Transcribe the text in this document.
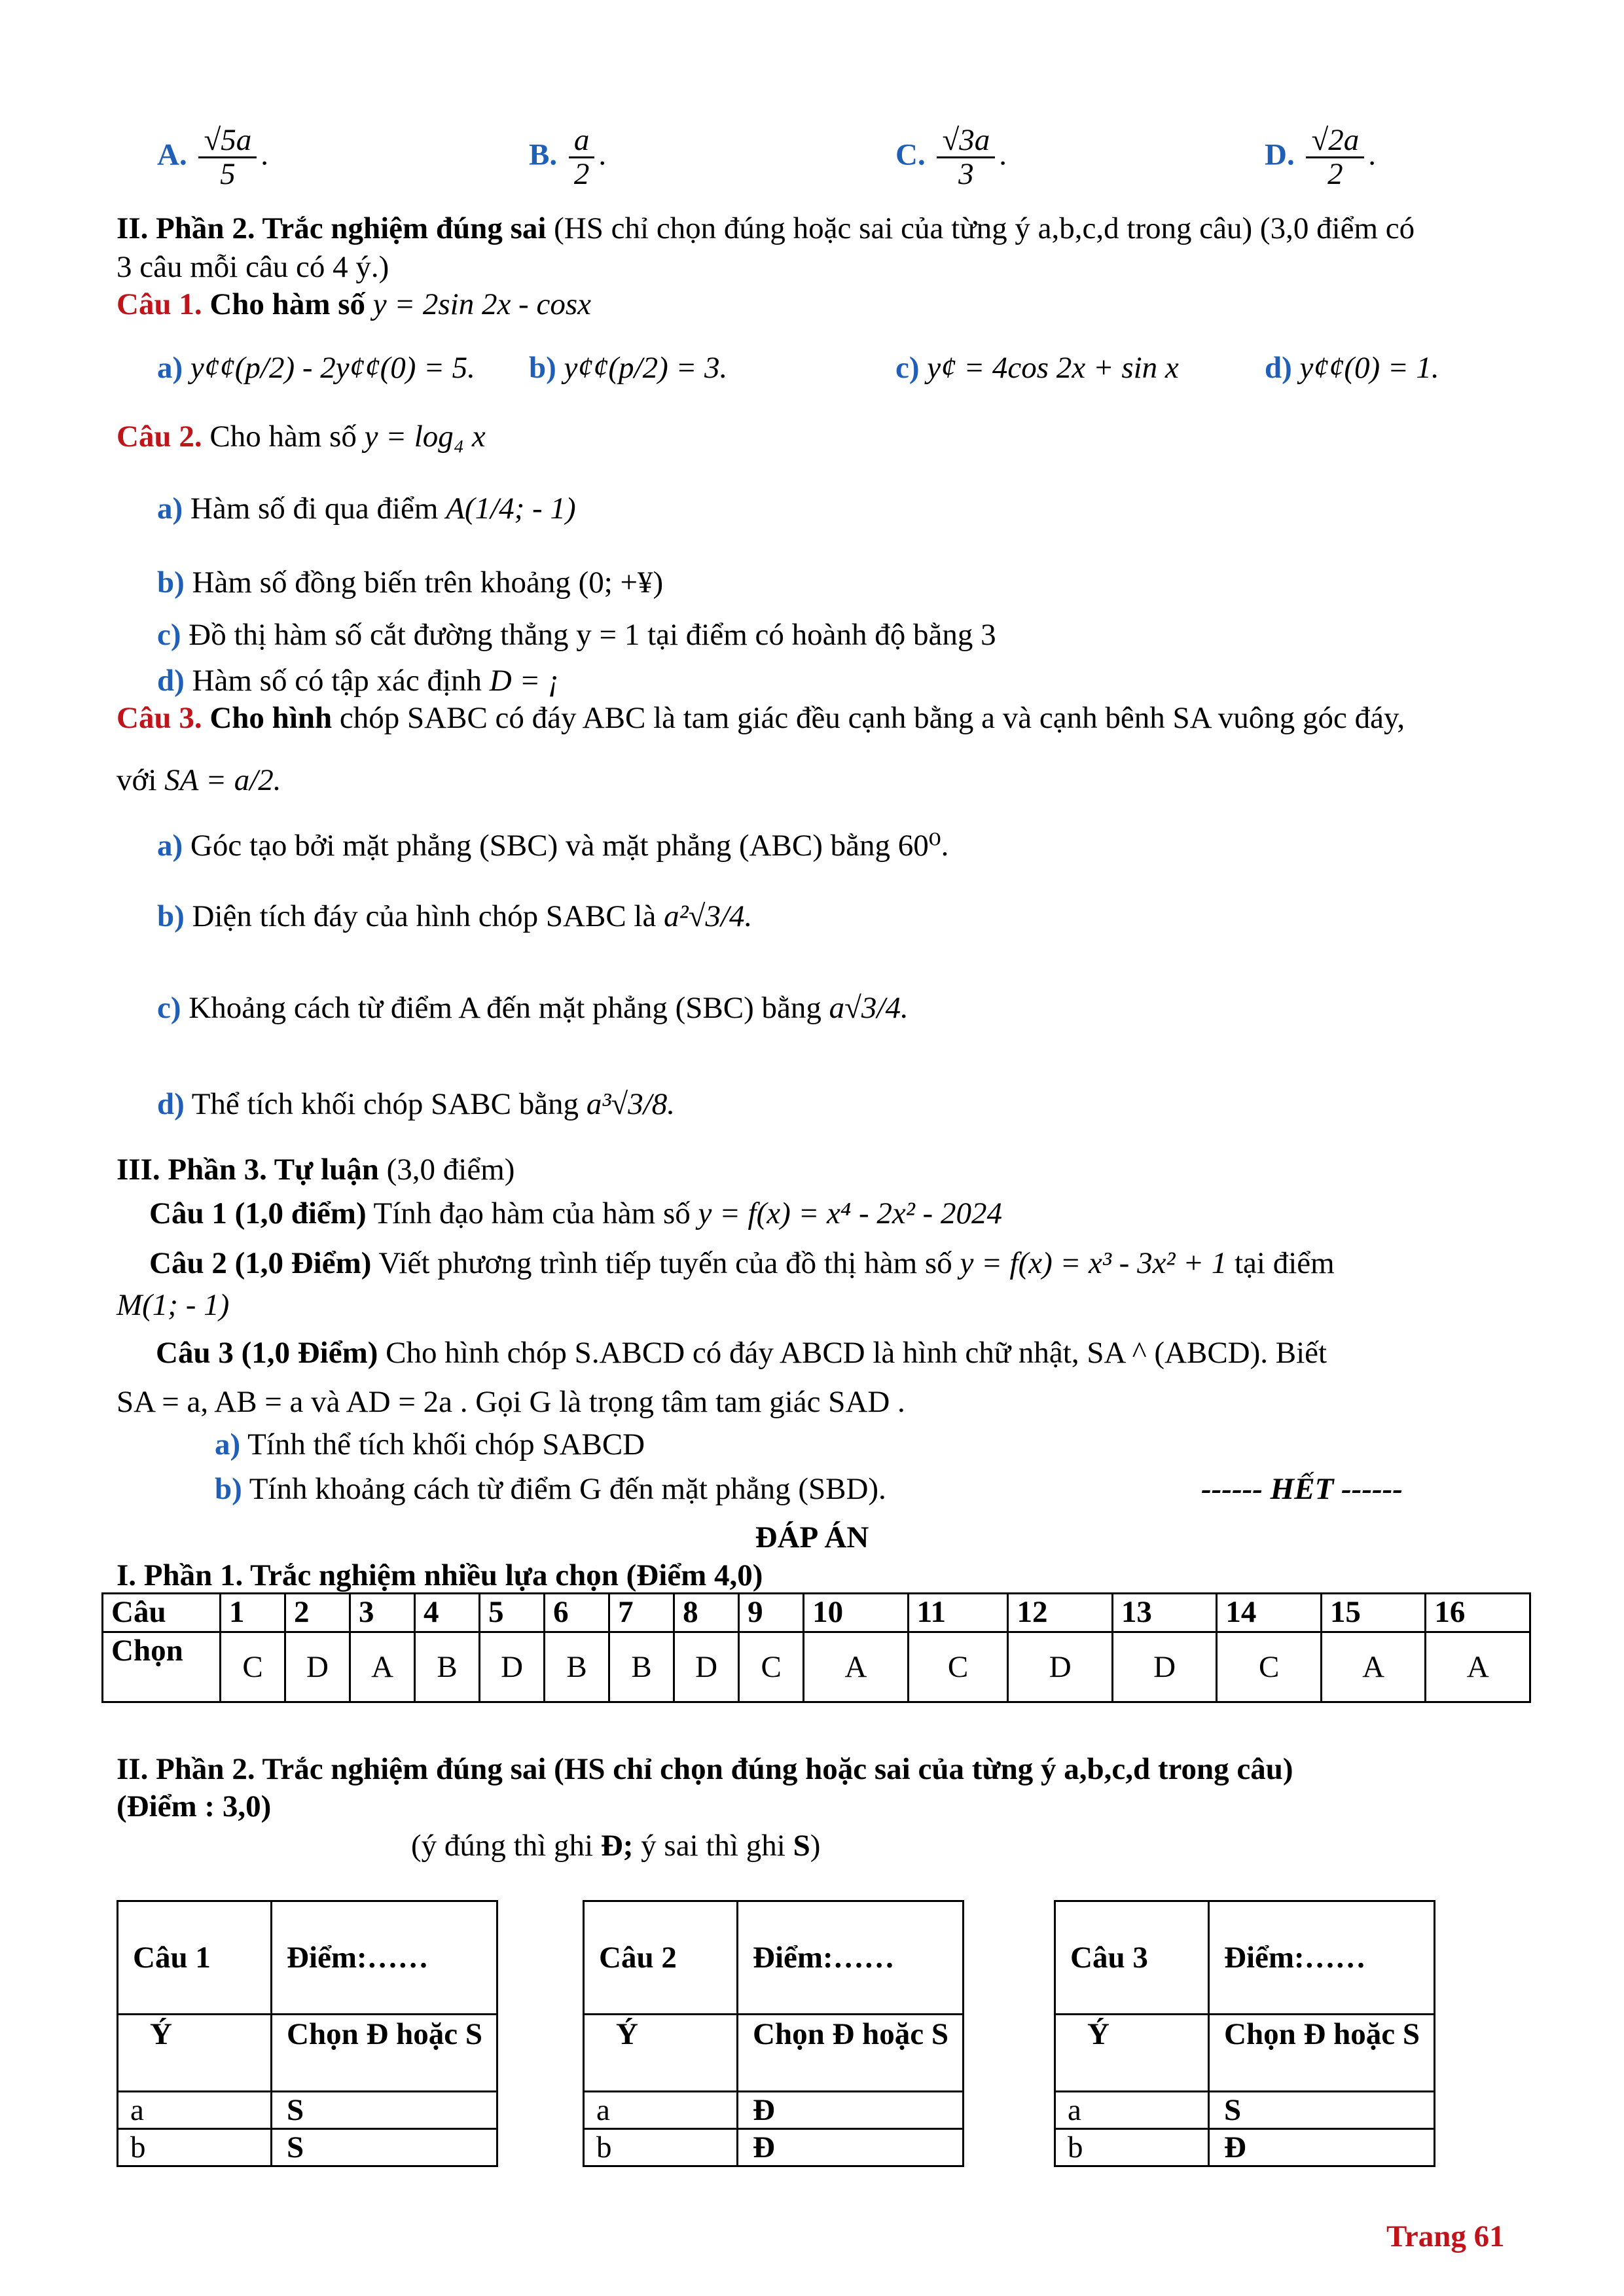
A. $\frac{√5a}{5}$ .	B. $\frac{a}{2}$ .	C. $\frac{√3a}{3}$ .	D. $\frac{√2a}{2}$ .
II. Phần 2. Trắc nghiệm đúng sai (HS chỉ chọn đúng hoặc sai của từng ý a,b,c,d trong câu) (3,0 điểm có
3 câu mỗi câu có 4 ý.)
Câu 1. Cho hàm số y = 2sin 2x - cosx
a) y¢¢(p/2) - 2y¢¢(0) = 5. b) y¢¢(p/2) = 3.	c) y¢ = 4cos 2x + sin x	d) y¢¢(0) = 1.
Câu 2. Cho hàm số y = log₄ x
a) Hàm số đi qua điểm A(1/4; - 1)
b) Hàm số đồng biến trên khoảng (0; +¥)
c) Đồ thị hàm số cắt đường thẳng y = 1 tại điểm có hoành độ bằng 3
d) Hàm số có tập xác định D = ¡
Câu 3. Cho hình chóp SABC có đáy ABC là tam giác đều cạnh bằng a và cạnh bênh SA vuông góc đáy,
với SA = a/2.
a) Góc tạo bởi mặt phẳng (SBC) và mặt phẳng (ABC) bằng 60⁰.
b) Diện tích đáy của hình chóp SABC là a²√3/4.
c) Khoảng cách từ điểm A đến mặt phẳng (SBC) bằng a√3/4.
d) Thể tích khối chóp SABC bằng a³√3/8.
III. Phần 3. Tự luận (3,0 điểm)
Câu 1 (1,0 điểm) Tính đạo hàm của hàm số y = f(x) = x⁴ - 2x² - 2024
Câu 2 (1,0 Điểm) Viết phương trình tiếp tuyến của đồ thị hàm số y = f(x) = x³ - 3x² + 1 tại điểm
M(1; - 1)
Câu 3 (1,0 Điểm) Cho hình chóp S.ABCD có đáy ABCD là hình chữ nhật, SA ^ (ABCD). Biết
SA = a, AB = a và AD = 2a . Gọi G là trọng tâm tam giác SAD .
a) Tính thể tích khối chóp SABCD
b) Tính khoảng cách từ điểm G đến mặt phẳng (SBD).	------ HẾT ------
ĐÁP ÁN
I. Phần 1. Trắc nghiệm nhiều lựa chọn (Điểm 4,0)
Câu	1	2	3	4	5	6	7	8	9	10	11	12	13	14	15	16
Chọn	C	D	A	B	D	B	B	D	C	A	C	D	D	C	A	A
II. Phần 2. Trắc nghiệm đúng sai (HS chỉ chọn đúng hoặc sai của từng ý a,b,c,d trong câu)
(Điểm : 3,0)
(ý đúng thì ghi Đ; ý sai thì ghi S)
Câu 1	Điểm:……
Ý	Chọn Đ hoặc S
a	S
b	S
Câu 2	Điểm:……
Ý	Chọn Đ hoặc S
a	Đ
b	Đ
Câu 3	Điểm:……
Ý	Chọn Đ hoặc S
a	S
b	Đ
Trang 61
